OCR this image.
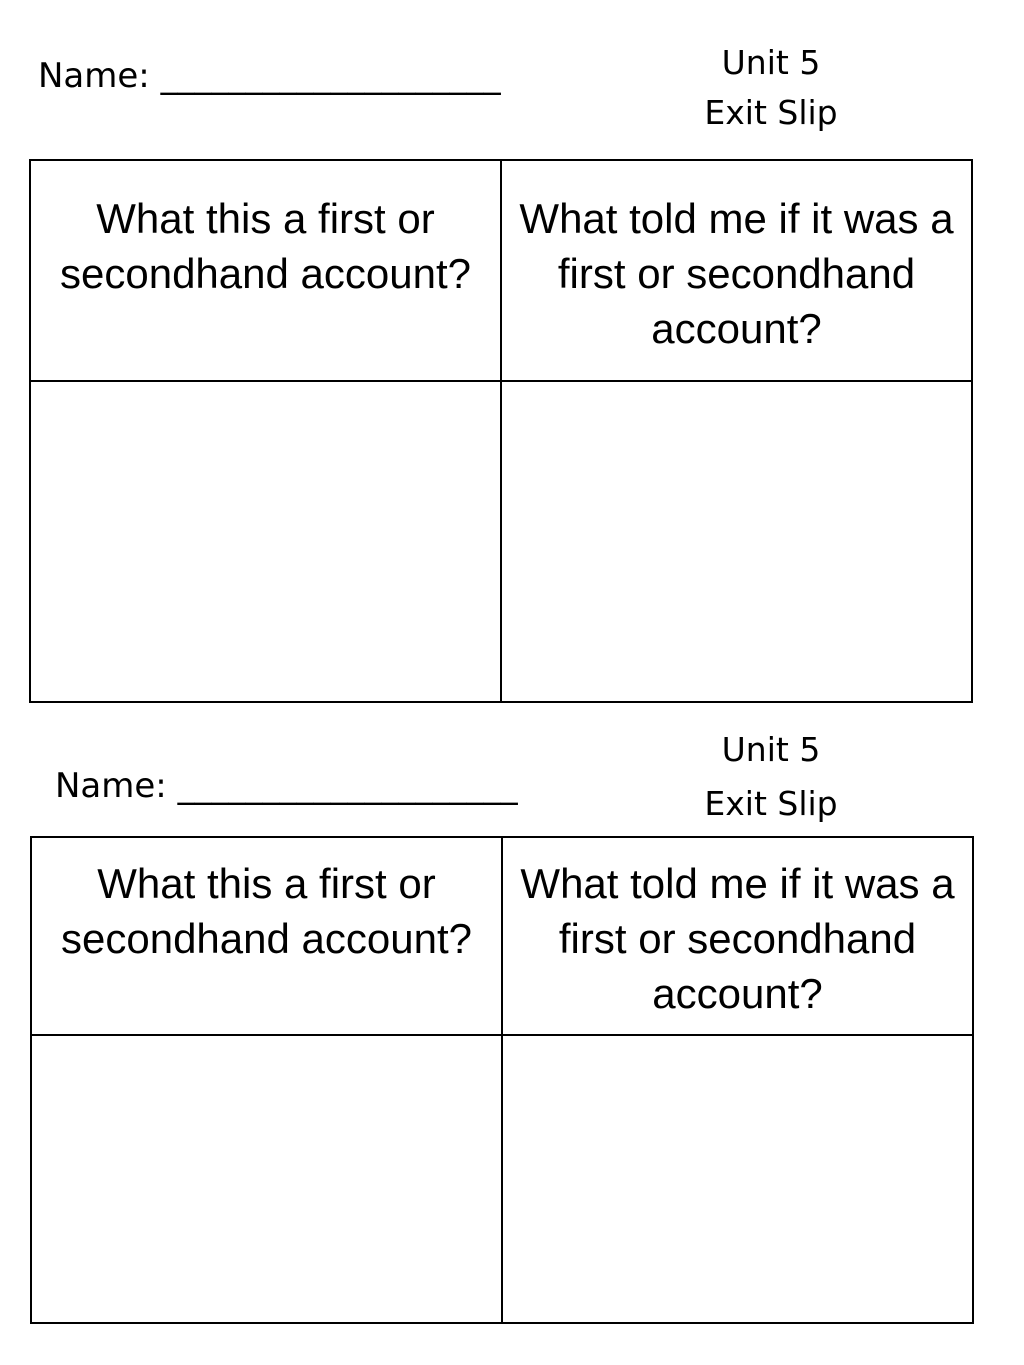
Name: ____________________	Unit 5
Exit Slip
What this a first or secondhand account?	What told me if it was a first or secondhand account?

Name: ____________________
Unit 5
Exit Slip
What this a first or secondhand account?	What told me if it was a first or secondhand account?
